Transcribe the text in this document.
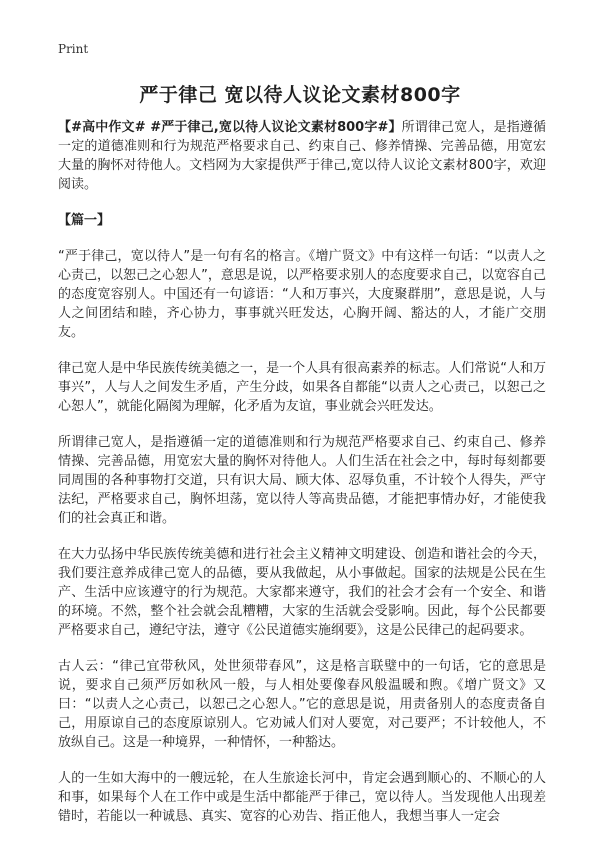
Print
严于律己 宽以待人议论文素材800字

【#高中作文# #严于律己,宽以待人议论文素材800字#】所谓律己宽人，是指遵循一定的道德准则和行为规范严格要求自己、约束自己、修养情操、完善品德，用宽宏大量的胸怀对待他人。文档网为大家提供严于律己,宽以待人议论文素材800字，欢迎阅读。

【篇一】

“严于律己，宽以待人”是一句有名的格言。《增广贤文》中有这样一句话：“以责人之心责己，以恕己之心恕人”，意思是说，以严格要求别人的态度要求自己，以宽容自己的态度宽容别人。中国还有一句谚语：“人和万事兴，大度聚群朋”，意思是说，人与人之间团结和睦，齐心协力，事事就兴旺发达，心胸开阔、豁达的人，才能广交朋友。

律己宽人是中华民族传统美德之一，是一个人具有很高素养的标志。人们常说“人和万事兴”，人与人之间发生矛盾，产生分歧，如果各自都能“以责人之心责己，以恕己之心恕人”，就能化隔阂为理解，化矛盾为友谊，事业就会兴旺发达。

所谓律己宽人，是指遵循一定的道德准则和行为规范严格要求自己、约束自己、修养情操、完善品德，用宽宏大量的胸怀对待他人。人们生活在社会之中，每时每刻都要同周围的各种事物打交道，只有识大局、顾大体、忍辱负重，不计较个人得失，严守法纪，严格要求自己，胸怀坦荡，宽以待人等高贵品德，才能把事情办好，才能使我们的社会真正和谐。

在大力弘扬中华民族传统美德和进行社会主义精神文明建设、创造和谐社会的今天，我们要注意养成律己宽人的品德，要从我做起，从小事做起。国家的法规是公民在生产、生活中应该遵守的行为规范。大家都来遵守，我们的社会才会有一个安全、和谐的环境。不然，整个社会就会乱糟糟，大家的生活就会受影响。因此，每个公民都要严格要求自己，遵纪守法，遵守《公民道德实施纲要》，这是公民律己的起码要求。

古人云：“律己宜带秋风，处世须带春风”，这是格言联璧中的一句话，它的意思是说，要求自己须严厉如秋风一般，与人相处要像春风般温暖和煦。《增广贤文》又曰：“以责人之心责己，以恕己之心恕人。”它的意思是说，用责备别人的态度责备自己，用原谅自己的态度原谅别人。它劝诫人们对人要宽，对己要严；不计较他人，不放纵自己。这是一种境界，一种情怀，一种豁达。

人的一生如大海中的一艘远轮，在人生旅途长河中，肯定会遇到顺心的、不顺心的人和事，如果每个人在工作中或是生活中都能严于律己，宽以待人。当发现他人出现差错时，若能以一种诚恳、真实、宽容的心劝告、指正他人，我想当事人一定会
